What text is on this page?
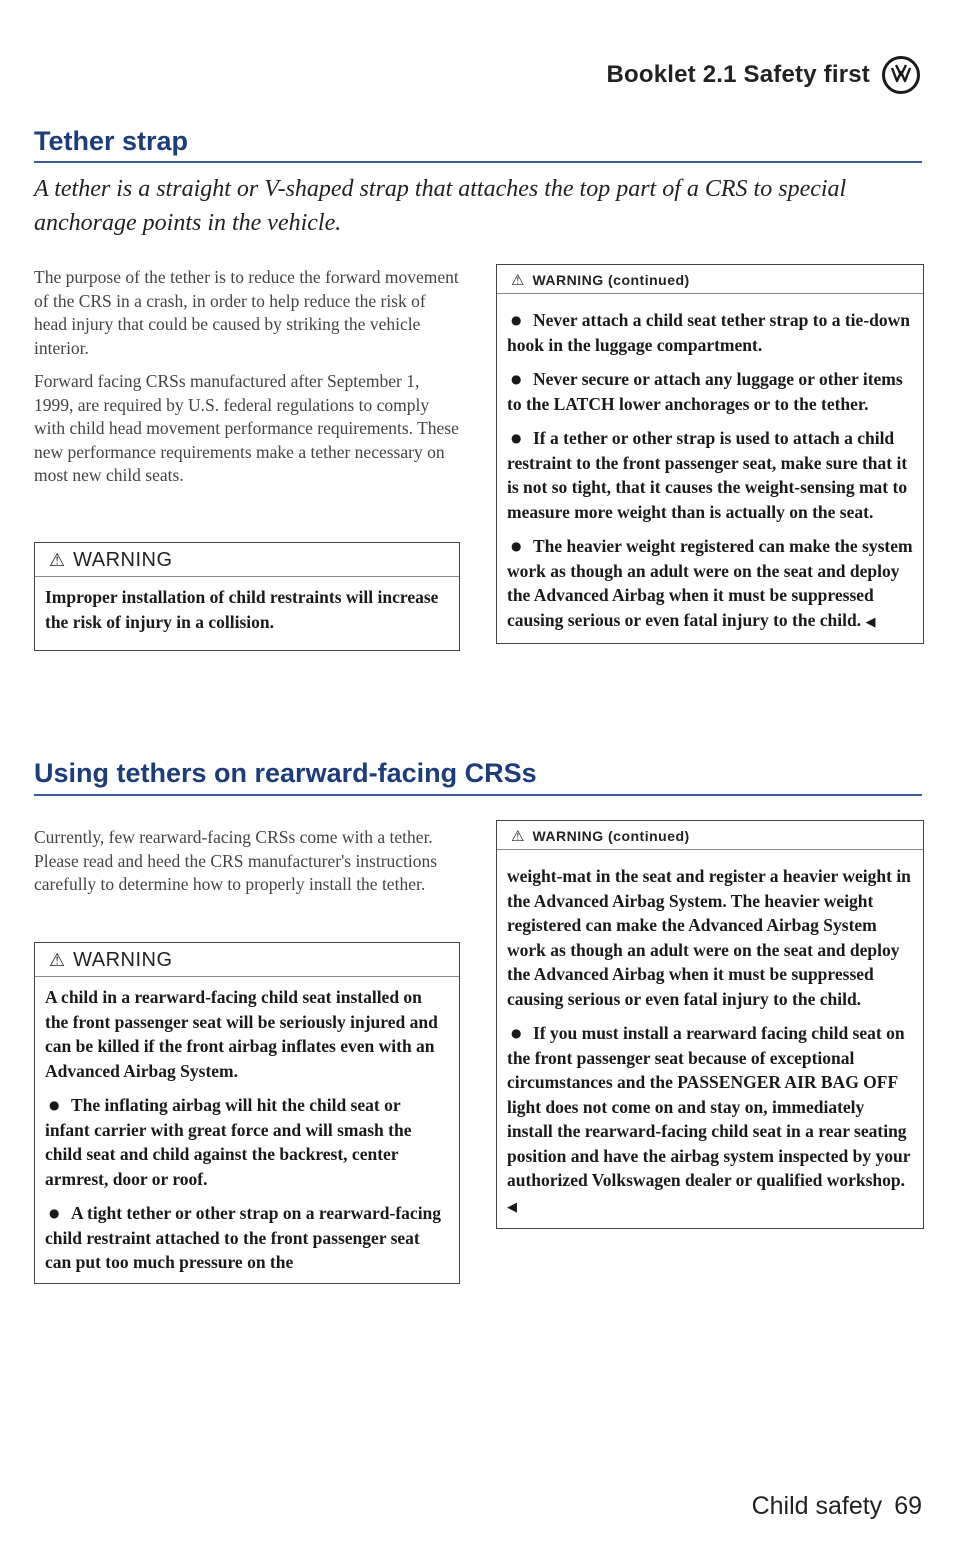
Booklet 2.1 Safety first
Tether strap

A tether is a straight or V-shaped strap that attaches the top part of a CRS to special anchorage points in the vehicle.

The purpose of the tether is to reduce the forward movement of the CRS in a crash, in order to help reduce the risk of head injury that could be caused by striking the vehicle interior.

Forward facing CRSs manufactured after September 1, 1999, are required by U.S. federal regulations to comply with child head movement performance requirements. These new performance requirements make a tether necessary on most new child seats.

⚠ WARNING

Improper installation of child restraints will increase the risk of injury in a collision.

⚠ WARNING (continued)

● Never attach a child seat tether strap to a tie-down hook in the luggage compartment.

● Never secure or attach any luggage or other items to the LATCH lower anchorages or to the tether.

● If a tether or other strap is used to attach a child restraint to the front passenger seat, make sure that it is not so tight, that it causes the weight-sensing mat to measure more weight than is actually on the seat.

● The heavier weight registered can make the system work as though an adult were on the seat and deploy the Advanced Airbag when it must be suppressed causing serious or even fatal injury to the child. ◀

Using tethers on rearward-facing CRSs

Currently, few rearward-facing CRSs come with a tether. Please read and heed the CRS manufacturer's instructions carefully to determine how to properly install the tether.

⚠ WARNING

A child in a rearward-facing child seat installed on the front passenger seat will be seriously injured and can be killed if the front airbag inflates even with an Advanced Airbag System.

● The inflating airbag will hit the child seat or infant carrier with great force and will smash the child seat and child against the backrest, center armrest, door or roof.

● A tight tether or other strap on a rearward-facing child restraint attached to the front passenger seat can put too much pressure on the

⚠ WARNING (continued)

weight-mat in the seat and register a heavier weight in the Advanced Airbag System. The heavier weight registered can make the Advanced Airbag System work as though an adult were on the seat and deploy the Advanced Airbag when it must be suppressed causing serious or even fatal injury to the child.

● If you must install a rearward facing child seat on the front passenger seat because of exceptional circumstances and the PASSENGER AIR BAG OFF light does not come on and stay on, immediately install the rearward-facing child seat in a rear seating position and have the airbag system inspected by your authorized Volkswagen dealer or qualified workshop. ◀

Child safety 69
